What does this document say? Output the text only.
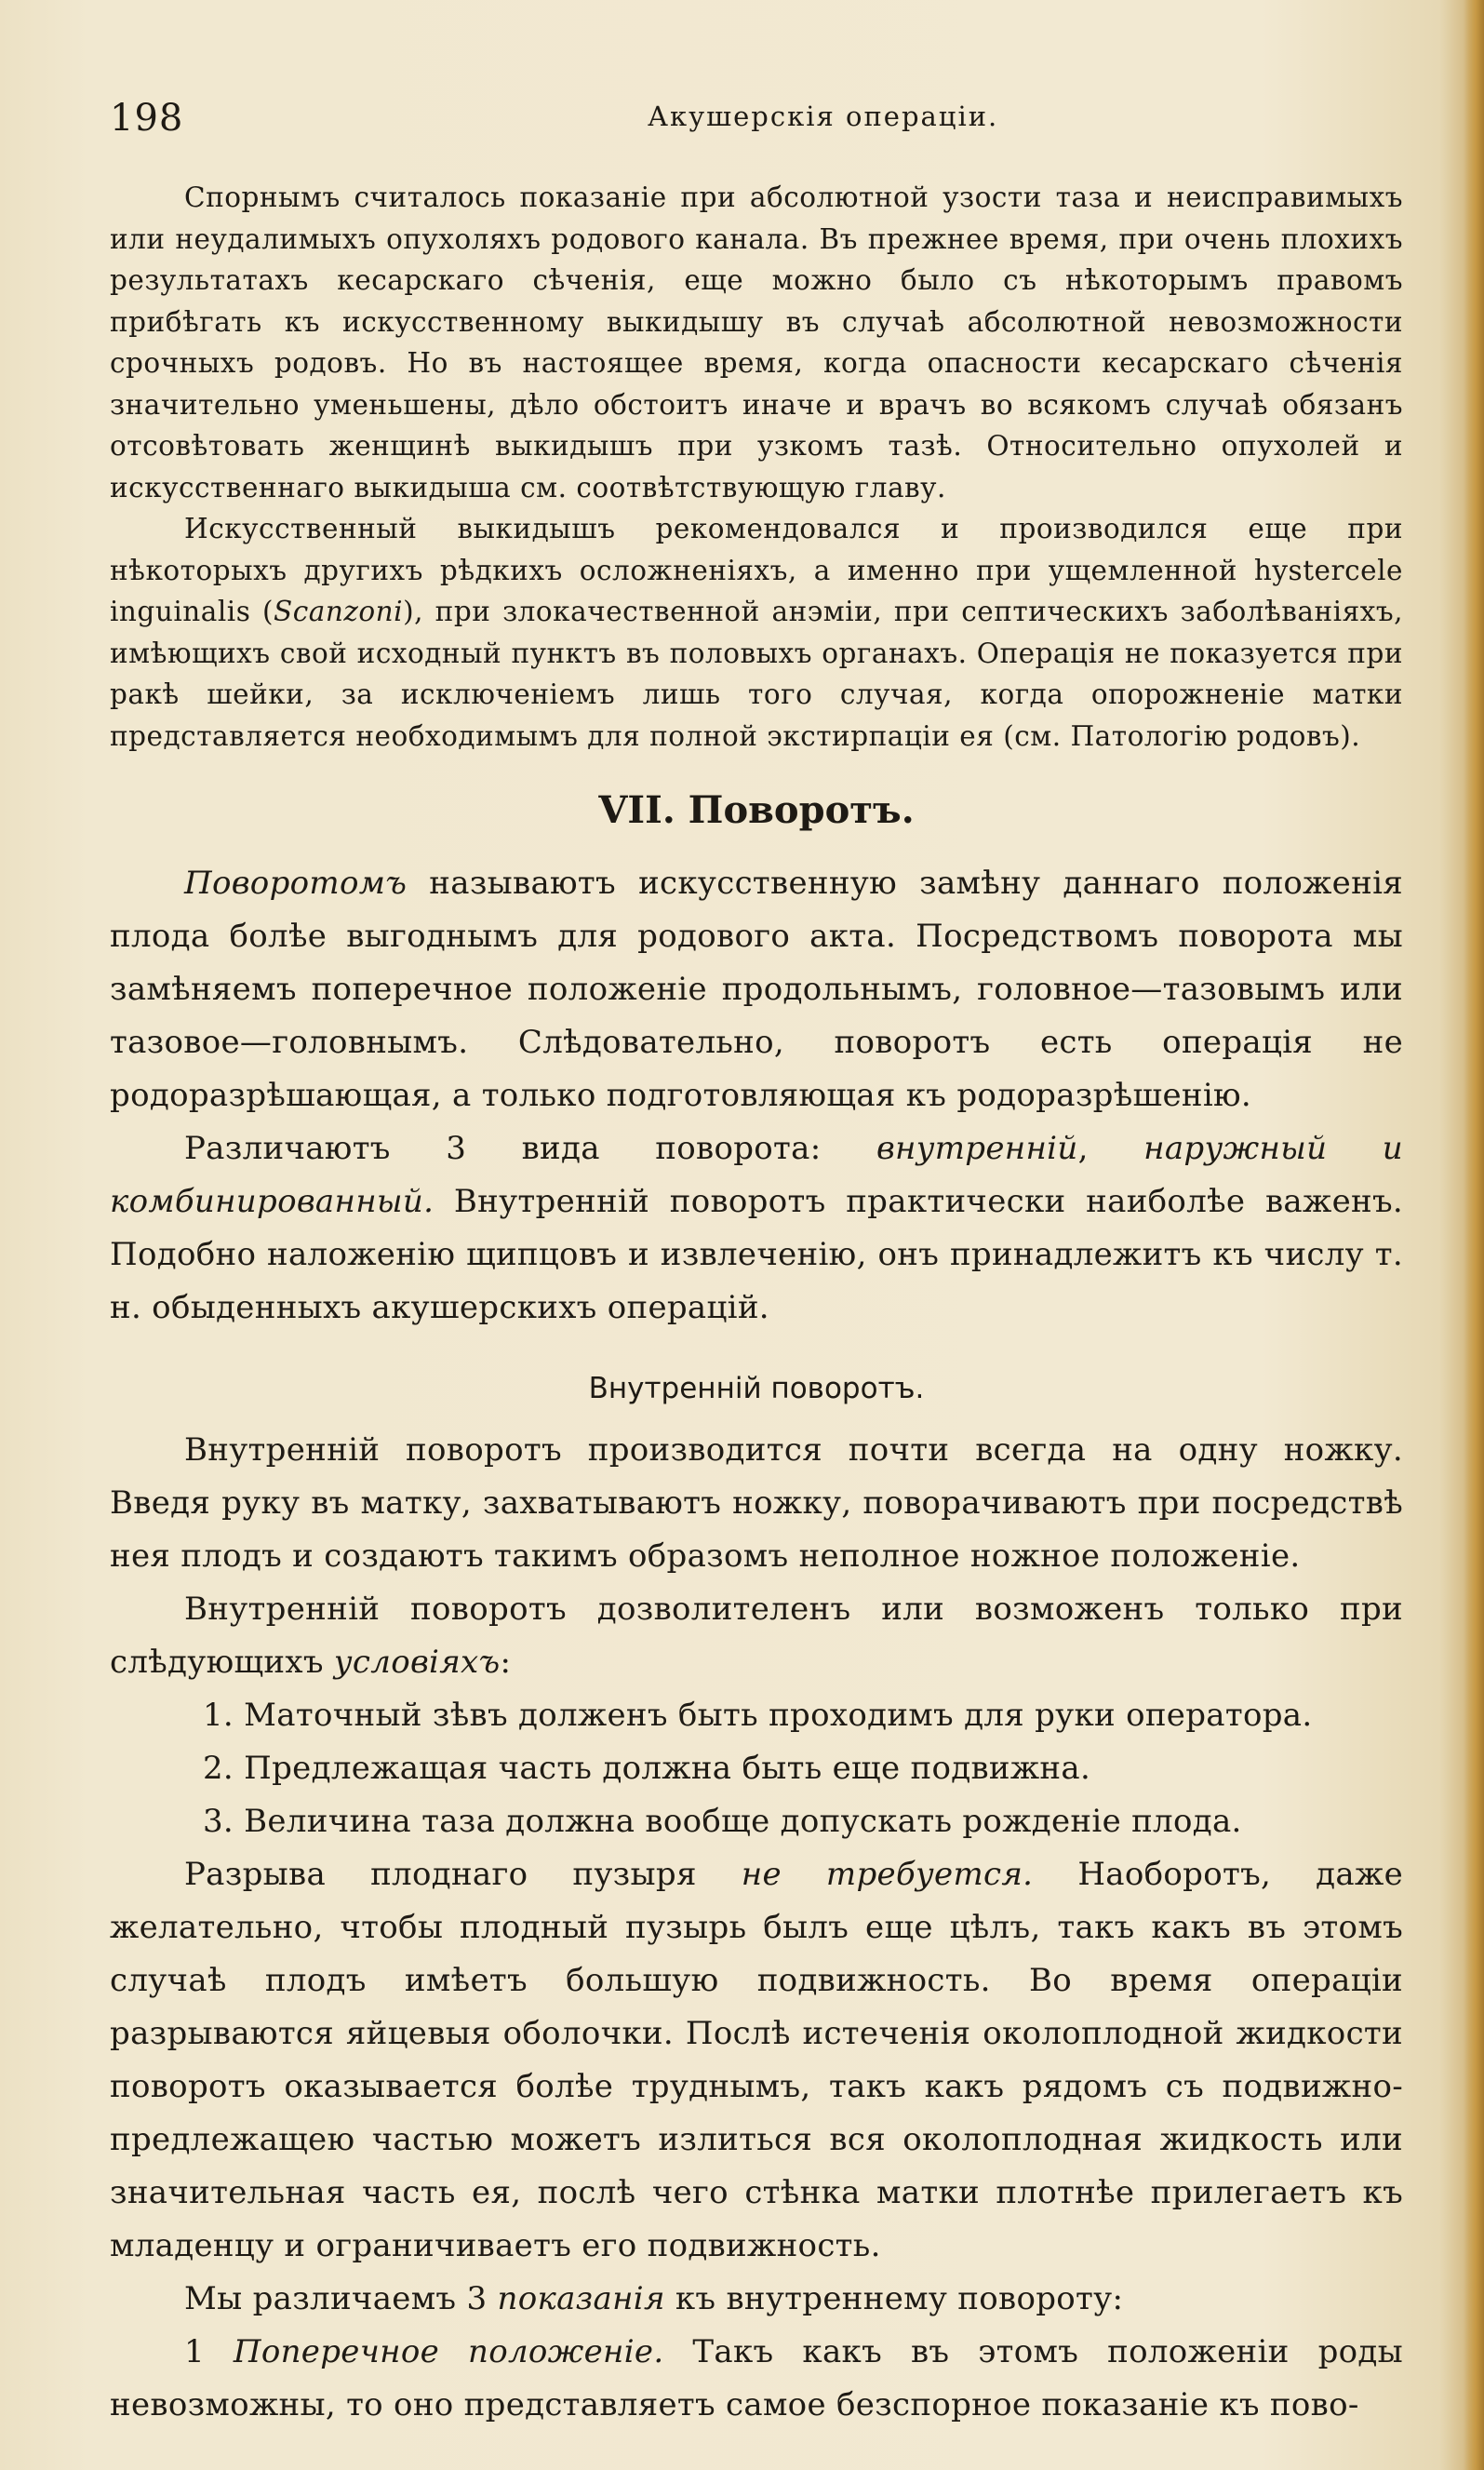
198	Акушерскія операціи.

Спорнымъ считалось показаніе при абсолютной узости таза и неисправимыхъ или неудалимыхъ опухоляхъ родового канала. Въ прежнее время, при очень плохихъ результатахъ кесарскаго сѣченія, еще можно было съ нѣкоторымъ правомъ прибѣгать къ искусственному выкидышу въ случаѣ абсолютной невозможности срочныхъ родовъ. Но въ настоящее время, когда опасности кесарскаго сѣченія значительно уменьшены, дѣло обстоитъ иначе и врачъ во всякомъ случаѣ обязанъ отсовѣтовать женщинѣ выкидышъ при узкомъ тазѣ. Относительно опухолей и искусственнаго выкидыша см. соотвѣтствующую главу.

Искусственный выкидышъ рекомендовался и производился еще при нѣкоторыхъ другихъ рѣдкихъ осложненіяхъ, а именно при ущемленной hystercele inguinalis (Scanzoni), при злокачественной анэміи, при септическихъ заболѣваніяхъ, имѣющихъ свой исходный пунктъ въ половыхъ органахъ. Операція не показуется при ракѣ шейки, за исключеніемъ лишь того случая, когда опорожненіе матки представляется необходимымъ для полной экстирпаціи ея (см. Патологію родовъ).

VII. Поворотъ.

Поворотомъ называютъ искусственную замѣну даннаго положенія плода болѣе выгоднымъ для родового акта. Посредствомъ поворота мы замѣняемъ поперечное положеніе продольнымъ, головное—тазовымъ или тазовое—головнымъ. Слѣдовательно, поворотъ есть операція не родоразрѣшающая, а только подготовляющая къ родоразрѣшенію.

Различаютъ 3 вида поворота: внутренній, наружный и комбинированный. Внутренній поворотъ практически наиболѣе важенъ. Подобно наложенію щипцовъ и извлеченію, онъ принадлежитъ къ числу т. н. обыденныхъ акушерскихъ операцій.

Внутренній поворотъ.

Внутренній поворотъ производится почти всегда на одну ножку. Введя руку въ матку, захватываютъ ножку, поворачиваютъ при посредствѣ нея плодъ и создаютъ такимъ образомъ неполное ножное положеніе.

Внутренній поворотъ дозволителенъ или возможенъ только при слѣдующихъ условіяхъ:

1. Маточный зѣвъ долженъ быть проходимъ для руки оператора.

2. Предлежащая часть должна быть еще подвижна.

3. Величина таза должна вообще допускать рожденіе плода.

Разрыва плоднаго пузыря не требуется. Наоборотъ, даже желательно, чтобы плодный пузырь былъ еще цѣлъ, такъ какъ въ этомъ случаѣ плодъ имѣетъ большую подвижность. Во время операціи разрываются яйцевыя оболочки. Послѣ истеченія околоплодной жидкости поворотъ оказывается болѣе труднымъ, такъ какъ рядомъ съ подвижно-предлежащею частью можетъ излиться вся околоплодная жидкость или значительная часть ея, послѣ чего стѣнка матки плотнѣе прилегаетъ къ младенцу и ограничиваетъ его подвижность.

Мы различаемъ 3 показанія къ внутреннему повороту:

1 Поперечное положеніе. Такъ какъ въ этомъ положеніи роды невозможны, то оно представляетъ самое безспорное показаніе къ пово-
